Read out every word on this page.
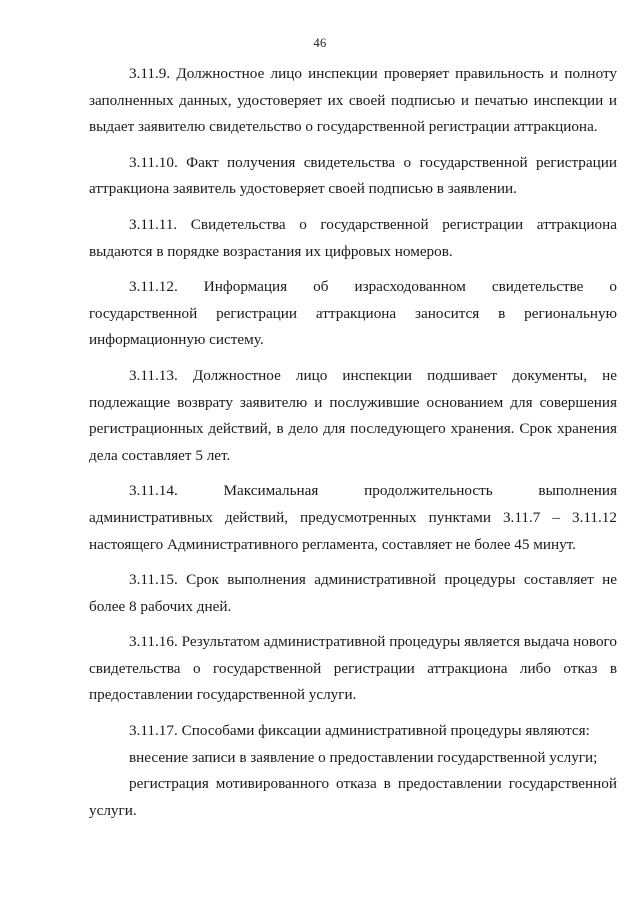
46

3.11.9. Должностное лицо инспекции проверяет правильность и полноту заполненных данных, удостоверяет их своей подписью и печатью инспекции и выдает заявителю свидетельство о государственной регистрации аттракциона.

3.11.10. Факт получения свидетельства о государственной регистрации аттракциона заявитель удостоверяет своей подписью в заявлении.

3.11.11. Свидетельства о государственной регистрации аттракциона выдаются в порядке возрастания их цифровых номеров.

3.11.12. Информация об израсходованном свидетельстве о государственной регистрации аттракциона заносится в региональную информационную систему.

3.11.13. Должностное лицо инспекции подшивает документы, не подлежащие возврату заявителю и послужившие основанием для совершения регистрационных действий, в дело для последующего хранения. Срок хранения дела составляет 5 лет.

3.11.14. Максимальная продолжительность выполнения административных действий, предусмотренных пунктами 3.11.7 – 3.11.12 настоящего Административного регламента, составляет не более 45 минут.

3.11.15. Срок выполнения административной процедуры составляет не более 8 рабочих дней.

3.11.16. Результатом административной процедуры является выдача нового свидетельства о государственной регистрации аттракциона либо отказ в предоставлении государственной услуги.

3.11.17. Способами фиксации административной процедуры являются:

внесение записи в заявление о предоставлении государственной услуги;

регистрация мотивированного отказа в предоставлении государственной услуги.
